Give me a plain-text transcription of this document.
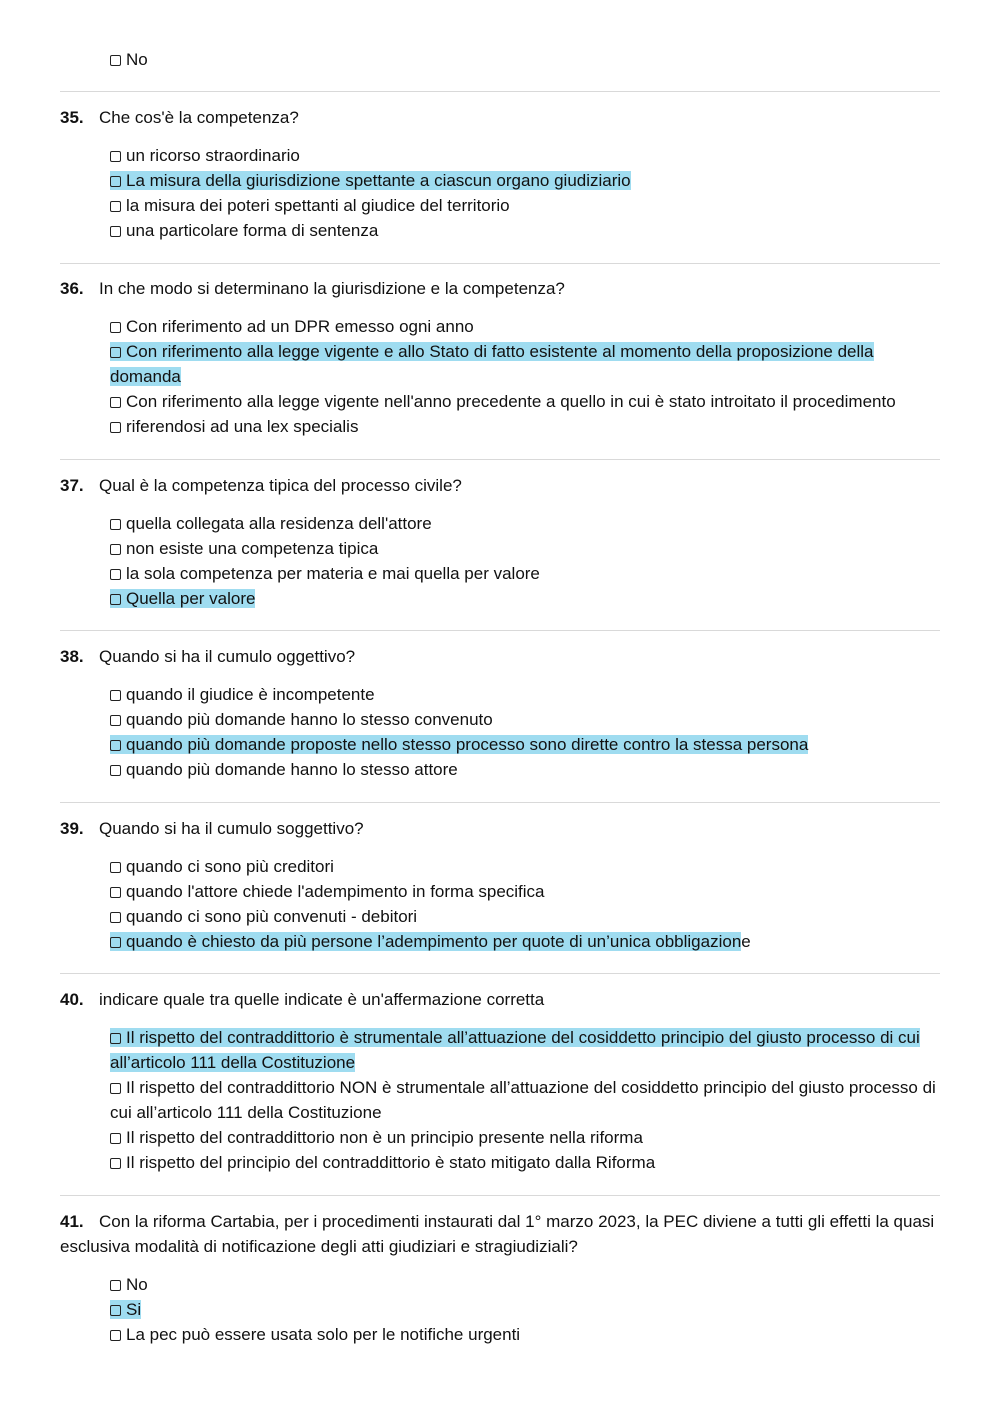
No
35. Che cos'è la competenza?
un ricorso straordinario
La misura della giurisdizione spettante a ciascun organo giudiziario
la misura dei poteri spettanti al giudice del territorio
una particolare forma di sentenza
36. In che modo si determinano la giurisdizione e la competenza?
Con riferimento ad un DPR emesso ogni anno
Con riferimento alla legge vigente e allo Stato di fatto esistente al momento della proposizione della domanda
Con riferimento alla legge vigente nell'anno precedente a quello in cui è stato introitato il procedimento
riferendosi ad una lex specialis
37. Qual è la competenza tipica del processo civile?
quella collegata alla residenza dell'attore
non esiste una competenza tipica
la sola competenza per materia e mai quella per valore
Quella per valore
38. Quando si ha il cumulo oggettivo?
quando il giudice è incompetente
quando più domande hanno lo stesso convenuto
quando più domande proposte nello stesso processo sono dirette contro la stessa persona
quando più domande hanno lo stesso attore
39. Quando si ha il cumulo soggettivo?
quando ci sono più creditori
quando l'attore chiede l'adempimento in forma specifica
quando ci sono più convenuti - debitori
quando è chiesto da più persone l’adempimento per quote di un’unica obbligazione
40. indicare quale tra quelle indicate è un'affermazione corretta
Il rispetto del contraddittorio è strumentale all’attuazione del cosiddetto principio del giusto processo di cui all’articolo 111 della Costituzione
Il rispetto del contraddittorio NON è strumentale all’attuazione del cosiddetto principio del giusto processo di cui all’articolo 111 della Costituzione
Il rispetto del contraddittorio non è un principio presente nella riforma
Il rispetto del principio del contraddittorio è stato mitigato dalla Riforma
41. Con la riforma Cartabia, per i procedimenti instaurati dal 1° marzo 2023, la PEC diviene a tutti gli effetti la quasi esclusiva modalità di notificazione degli atti giudiziari e stragiudiziali?
No
Si
La pec può essere usata solo per le notifiche urgenti
